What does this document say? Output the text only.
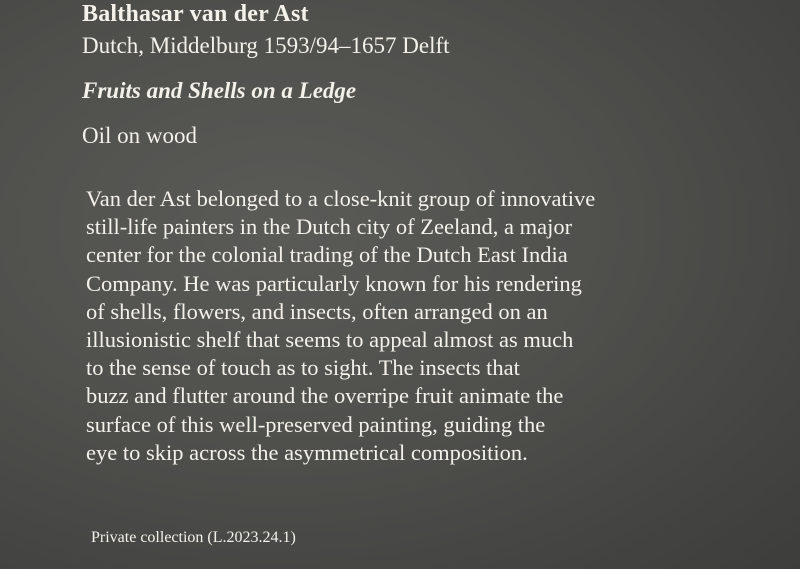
Balthasar van der Ast
Dutch, Middelburg 1593/94–1657 Delft
Fruits and Shells on a Ledge
Oil on wood
Van der Ast belonged to a close-knit group of innovative
still-life painters in the Dutch city of Zeeland, a major
center for the colonial trading of the Dutch East India
Company. He was particularly known for his rendering
of shells, flowers, and insects, often arranged on an
illusionistic shelf that seems to appeal almost as much
to the sense of touch as to sight. The insects that
buzz and flutter around the overripe fruit animate the
surface of this well-preserved painting, guiding the
eye to skip across the asymmetrical composition.
Private collection (L.2023.24.1)
